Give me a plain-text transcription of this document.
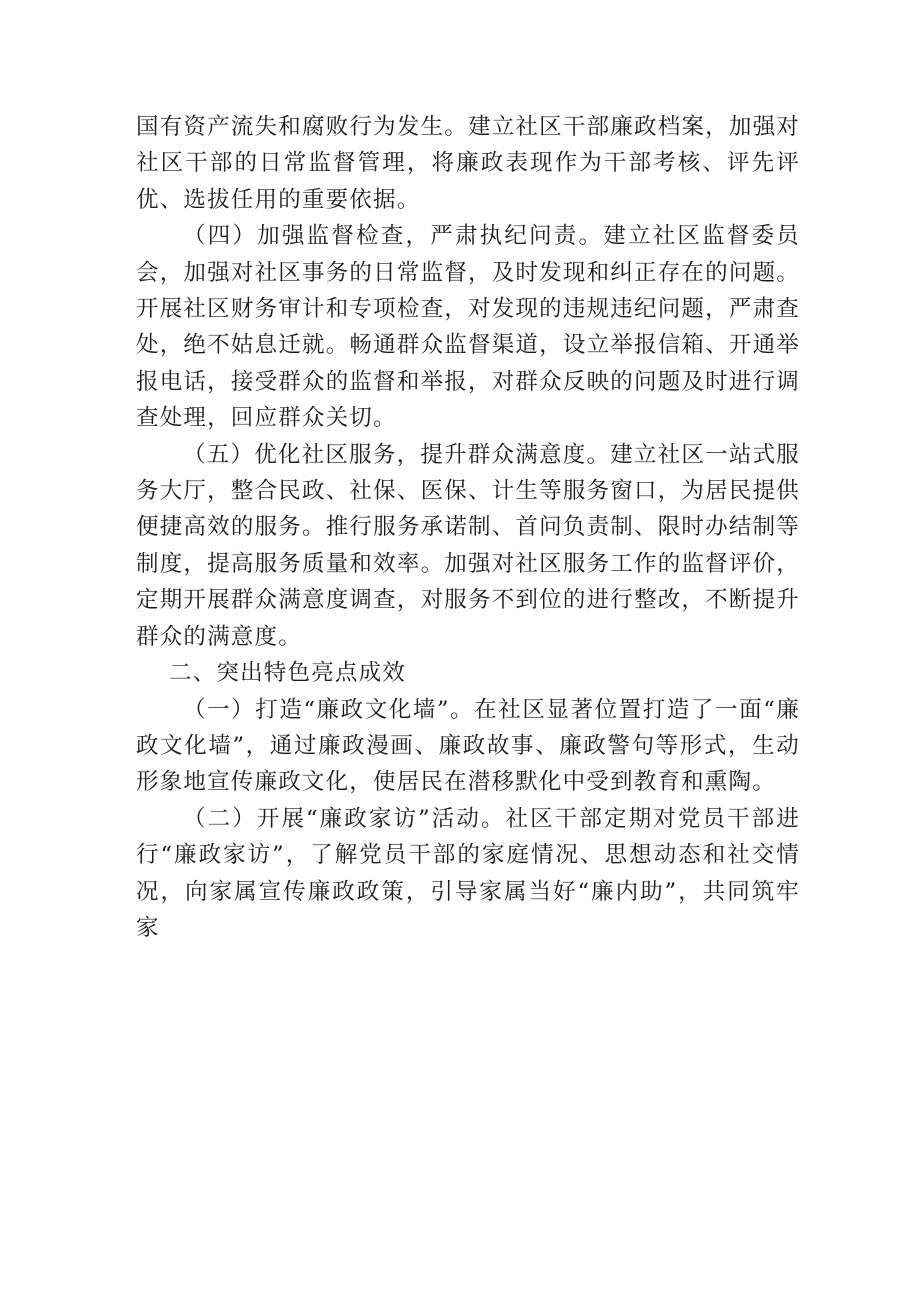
国有资产流失和腐败行为发生。建立社区干部廉政档案，加强对社区干部的日常监督管理，将廉政表现作为干部考核、评先评优、选拔任用的重要依据。

（四）加强监督检查，严肃执纪问责。建立社区监督委员会，加强对社区事务的日常监督，及时发现和纠正存在的问题。开展社区财务审计和专项检查，对发现的违规违纪问题，严肃查处，绝不姑息迁就。畅通群众监督渠道，设立举报信箱、开通举报电话，接受群众的监督和举报，对群众反映的问题及时进行调查处理，回应群众关切。

（五）优化社区服务，提升群众满意度。建立社区一站式服务大厅，整合民政、社保、医保、计生等服务窗口，为居民提供便捷高效的服务。推行服务承诺制、首问负责制、限时办结制等制度，提高服务质量和效率。加强对社区服务工作的监督评价，定期开展群众满意度调查，对服务不到位的进行整改，不断提升群众的满意度。

二、突出特色亮点成效

（一）打造“廉政文化墙”。在社区显著位置打造了一面“廉政文化墙”，通过廉政漫画、廉政故事、廉政警句等形式，生动形象地宣传廉政文化，使居民在潜移默化中受到教育和熏陶。

（二）开展“廉政家访”活动。社区干部定期对党员干部进行“廉政家访”，了解党员干部的家庭情况、思想动态和社交情况，向家属宣传廉政政策，引导家属当好“廉内助”，共同筑牢家
